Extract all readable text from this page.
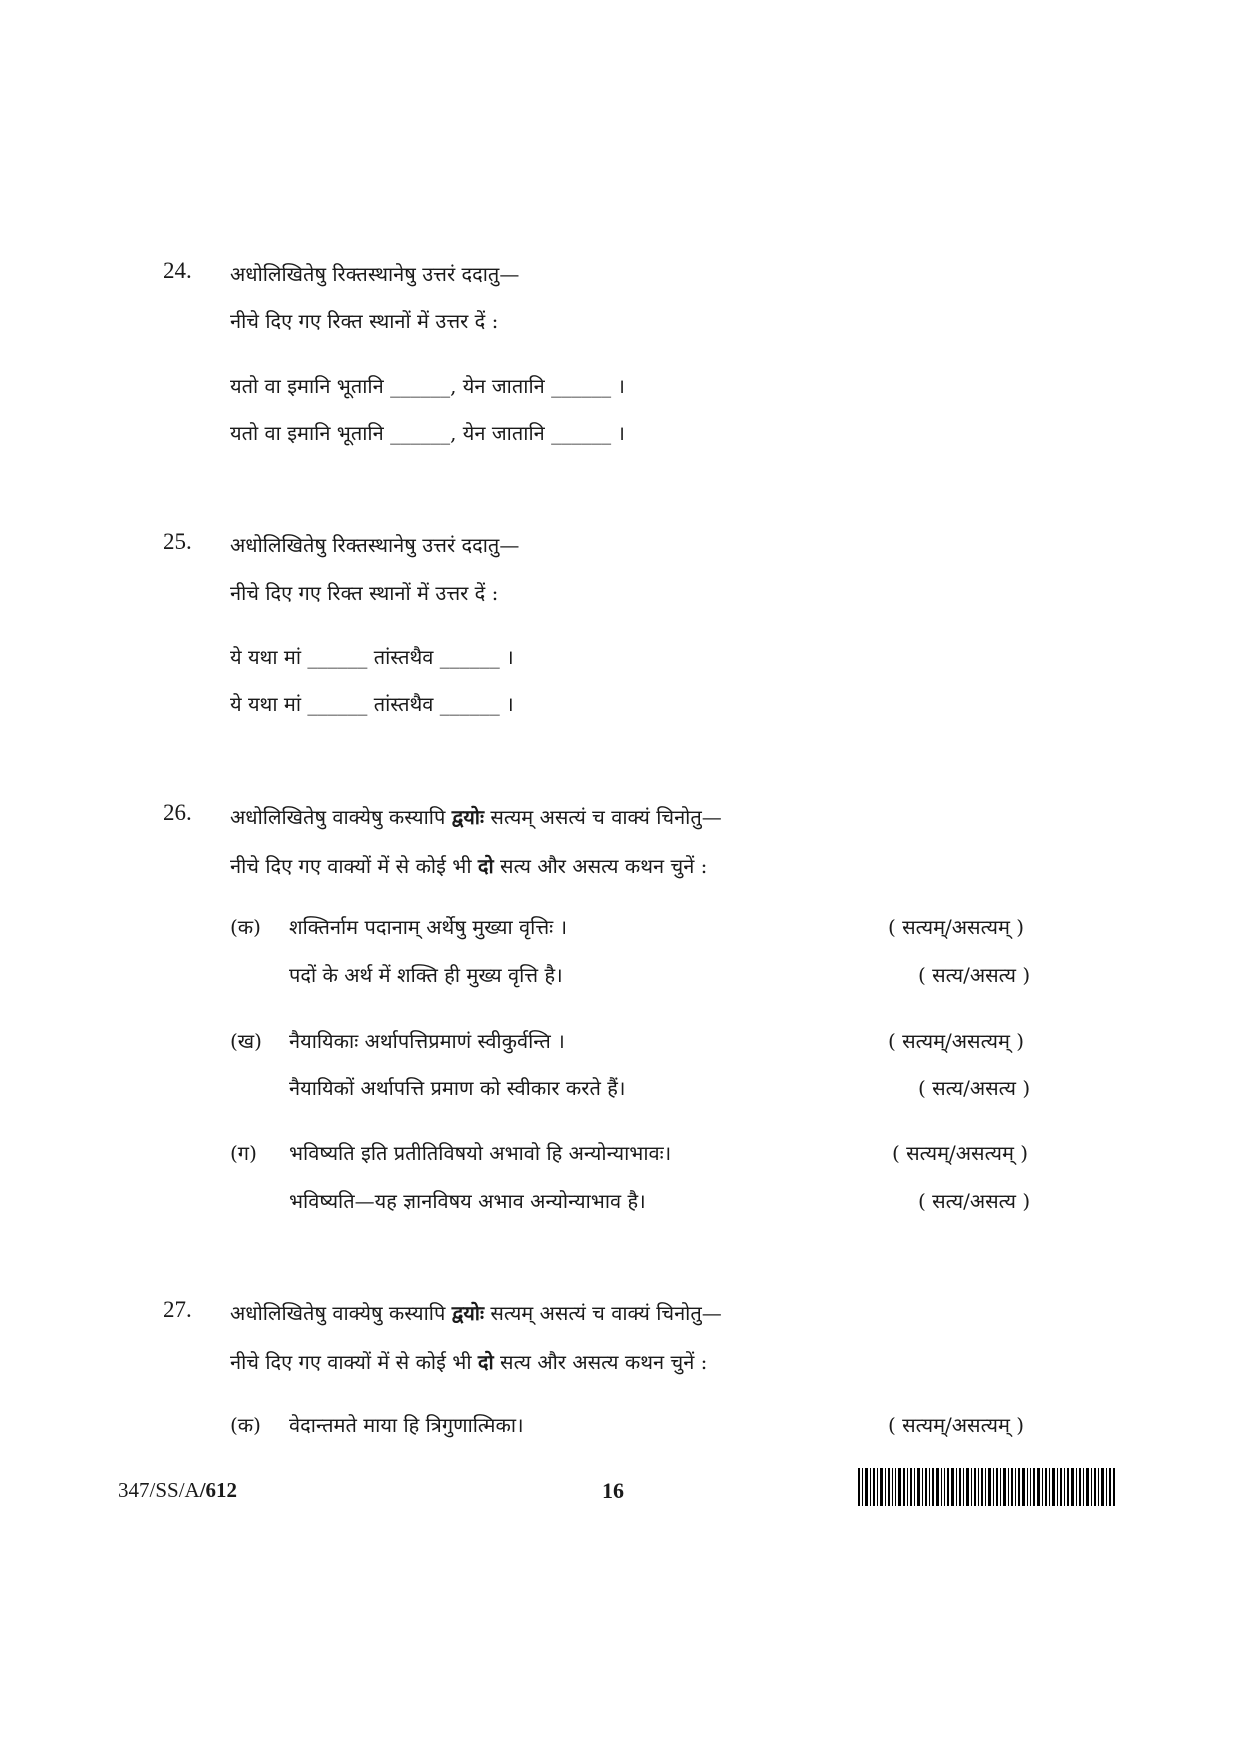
24. अधोलिखितेषु रिक्तस्थानेषु उत्तरं ददातु—
नीचे दिए गए रिक्त स्थानों में उत्तर दें :
यतो वा इमानि भूतानि ______, येन जातानि ______ ।
यतो वा इमानि भूतानि ______, येन जातानि ______ ।
25. अधोलिखितेषु रिक्तस्थानेषु उत्तरं ददातु—
नीचे दिए गए रिक्त स्थानों में उत्तर दें :
ये यथा मां ______ तांस्तथैव ______ ।
ये यथा मां ______ तांस्तथैव ______ ।
26. अधोलिखितेषु वाक्येषु कस्यापि द्वयोः सत्यम् असत्यं च वाक्यं चिनोतु—
नीचे दिए गए वाक्यों में से कोई भी दो सत्य और असत्य कथन चुनें :
(क) शक्तिर्नाम पदानाम् अर्थेषु मुख्या वृत्तिः ।	( सत्यम्/असत्यम् )
पदों के अर्थ में शक्ति ही मुख्य वृत्ति है।	( सत्य/असत्य )
(ख) नैयायिकाः अर्थापत्तिप्रमाणं स्वीकुर्वन्ति ।	( सत्यम्/असत्यम् )
नैयायिकों अर्थापत्ति प्रमाण को स्वीकार करते हैं।	( सत्य/असत्य )
(ग) भविष्यति इति प्रतीतिविषयो अभावो हि अन्योन्याभावः।	( सत्यम्/असत्यम् )
भविष्यति—यह ज्ञानविषय अभाव अन्योन्याभाव है।	( सत्य/असत्य )
27. अधोलिखितेषु वाक्येषु कस्यापि द्वयोः सत्यम् असत्यं च वाक्यं चिनोतु—
नीचे दिए गए वाक्यों में से कोई भी दो सत्य और असत्य कथन चुनें :
(क) वेदान्तमते माया हि त्रिगुणात्मिका।	( सत्यम्/असत्यम् )
347/SS/A/612	16
